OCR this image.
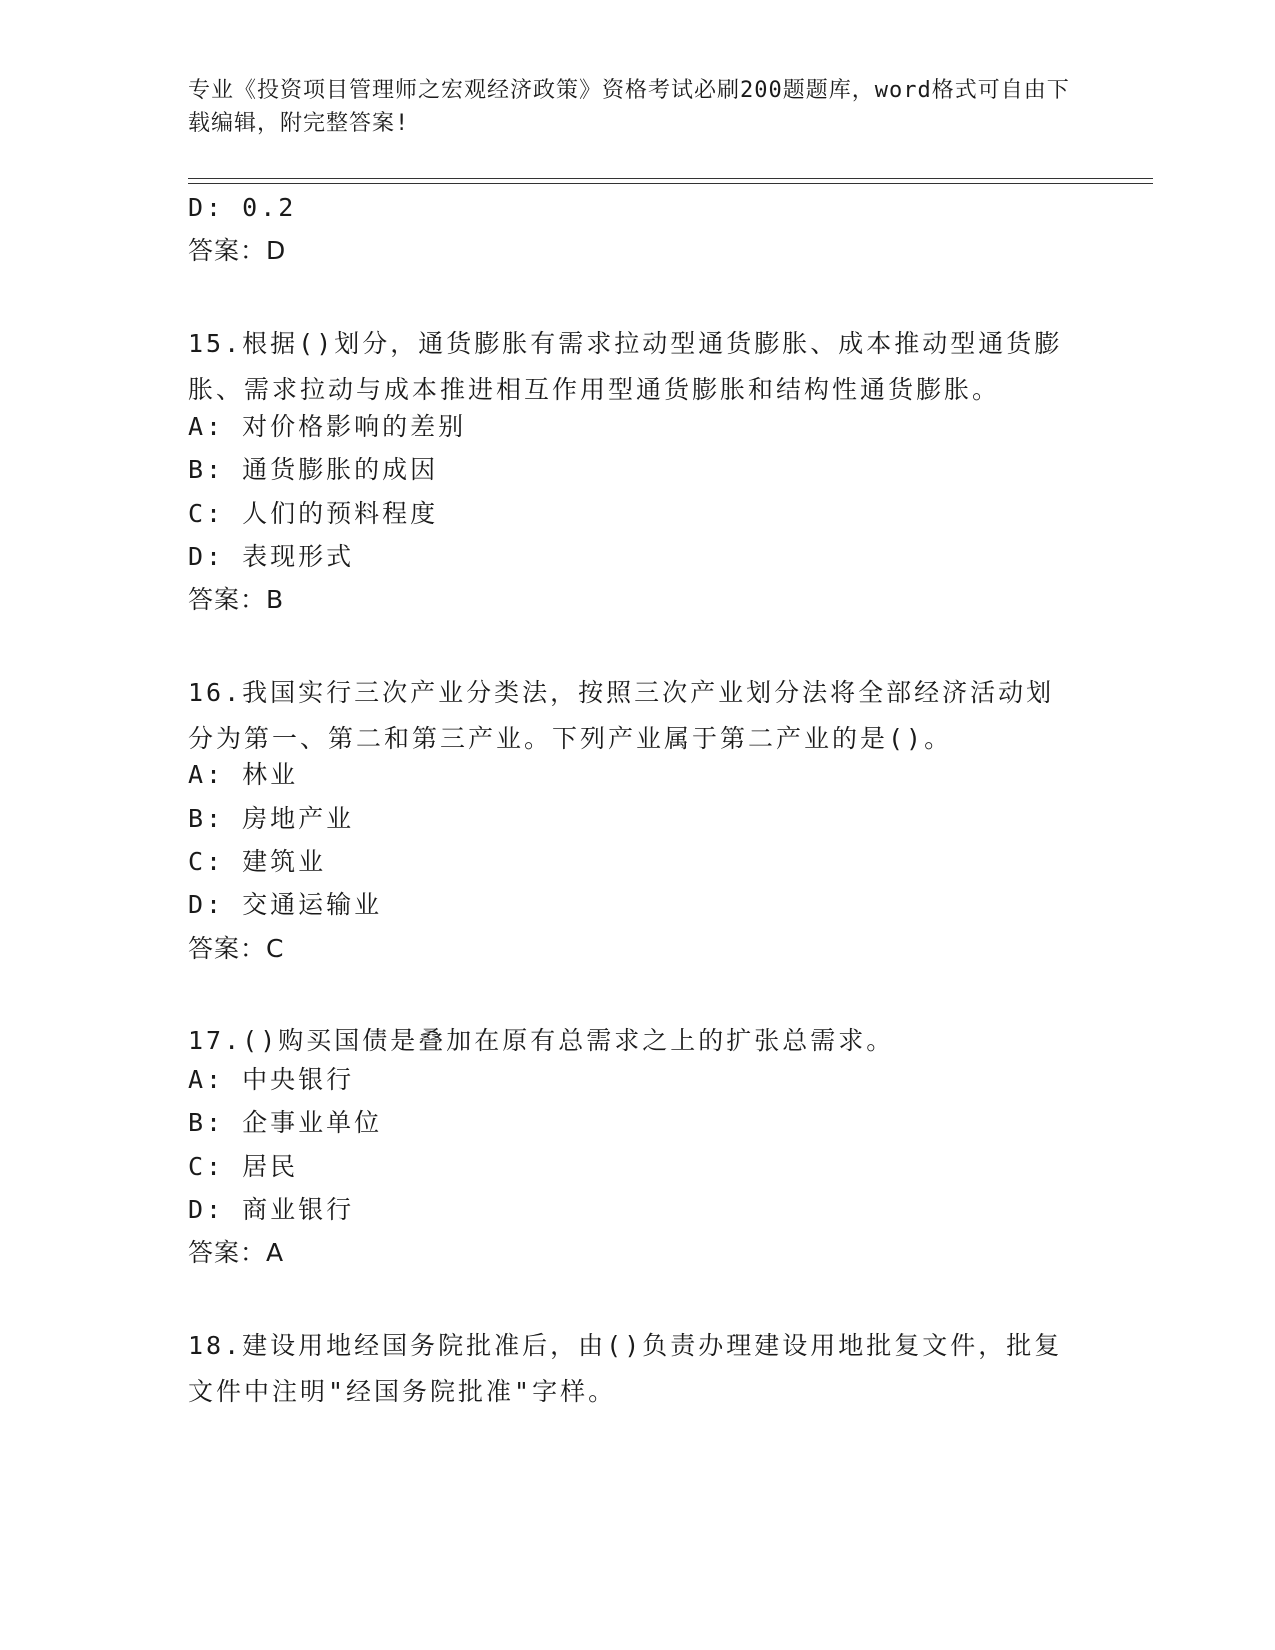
专业《投资项目管理师之宏观经济政策》资格考试必刷200题题库，word格式可自由下载编辑，附完整答案!
D: 0.2
答案：D
15.根据()划分，通货膨胀有需求拉动型通货膨胀、成本推动型通货膨胀、需求拉动与成本推进相互作用型通货膨胀和结构性通货膨胀。
A: 对价格影响的差别
B: 通货膨胀的成因
C: 人们的预料程度
D: 表现形式
答案：B
16.我国实行三次产业分类法，按照三次产业划分法将全部经济活动划分为第一、第二和第三产业。下列产业属于第二产业的是()。
A: 林业
B: 房地产业
C: 建筑业
D: 交通运输业
答案：C
17.()购买国债是叠加在原有总需求之上的扩张总需求。
A: 中央银行
B: 企事业单位
C: 居民
D: 商业银行
答案：A
18.建设用地经国务院批准后，由()负责办理建设用地批复文件，批复文件中注明"经国务院批准"字样。
